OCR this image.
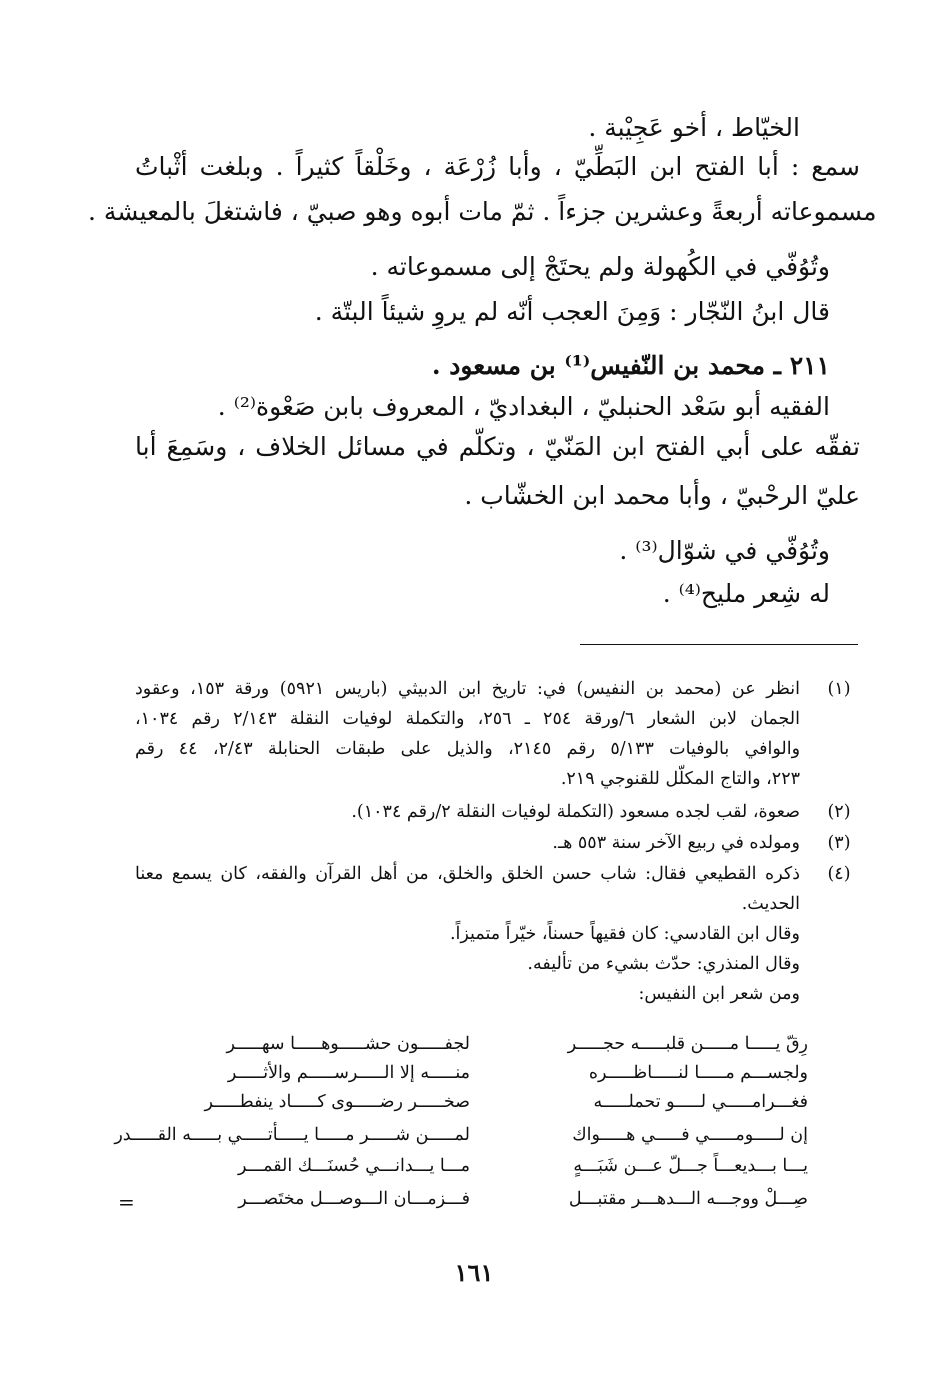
الخيّاط ، أخو عَجِيْبة .
سمع : أبا الفتح ابن البَطِّيّ ، وأبا زُرْعَة ، وخَلْقاً كثيراً . وبلغت أثْباتُ
مسموعاته أربعةً وعشرين جزءاً . ثمّ مات أبوه وهو صبيّ ، فاشتغلَ بالمعيشة .
وتُوُفّي في الكُهولة ولم يحتَجْ إلى مسموعاته .
قال ابنُ النّجّار : وَمِنَ العجب أنّه لم يروِ شيئاً البتّة .
٢١١ ـ محمد بن النّفيس⁽¹⁾ بن مسعود .
الفقيه أبو سَعْد الحنبليّ ، البغداديّ ، المعروف بابن صَعْوة⁽²⁾ .
تفقّه على أبي الفتح ابن المَنّيّ ، وتكلّم في مسائل الخلاف ، وسَمِعَ أبا
عليّ الرحْبيّ ، وأبا محمد ابن الخشّاب .
وتُوُفّي في شوّال⁽³⁾ .
له شِعر مليح⁽⁴⁾ .
(١)
انظر عن (محمد بن النفيس) في: تاريخ ابن الدبيثي (باريس ٥٩٢١) ورقة ١٥٣، وعقود
الجمان لابن الشعار ٦/ورقة ٢٥٤ ـ ٢٥٦، والتكملة لوفيات النقلة ٢/١٤٣ رقم ١٠٣٤،
والوافي بالوفيات ٥/١٣٣ رقم ٢١٤٥، والذيل على طبقات الحنابلة ٢/٤٣، ٤٤ رقم
٢٢٣، والتاج المكلّل للقنوجي ٢١٩.
(٢)
صعوة، لقب لجده مسعود (التكملة لوفيات النقلة ٢/رقم ١٠٣٤).
(٣)
ومولده في ربيع الآخر سنة ٥٥٣ هـ.
(٤)
ذكره القطيعي فقال: شاب حسن الخلق والخلق، من أهل القرآن والفقه، كان يسمع معنا
الحديث.
وقال ابن القادسي: كان فقيهاً حسناً، خيّراً متميزاً.
وقال المنذري: حدّث بشيء من تأليفه.
ومن شعر ابن النفيس:
رِقّ يـــــا مـــــن قلبـــــه حجـــــر
لجفـــــون حشـــــوهـــــا سهـــــر
ولجســـم مـــــا لنـــــاظـــــره
منـــــه إلا الـــــرســـــم والأثـــــر
فغـــرامـــــي لـــــو تحملـــــه
صخـــــر رضـــــوى كـــــاد ينفطـــــر
إن لـــــومـــــي فـــــي هـــــواك
لمـــــن شـــــر مـــــا يـــــأتـــــي بـــــه القـــــدر
يـــا بـــديعـــاً جـــلّ عـــن شَبَـــهٍ
مـــا يـــدانـــي حُسنَـــك القمـــر
صِـــلْ ووجـــه الـــدهـــر مقتبـــل
فـــزمـــان الـــوصـــل مختَصـــر
=
١٦١
